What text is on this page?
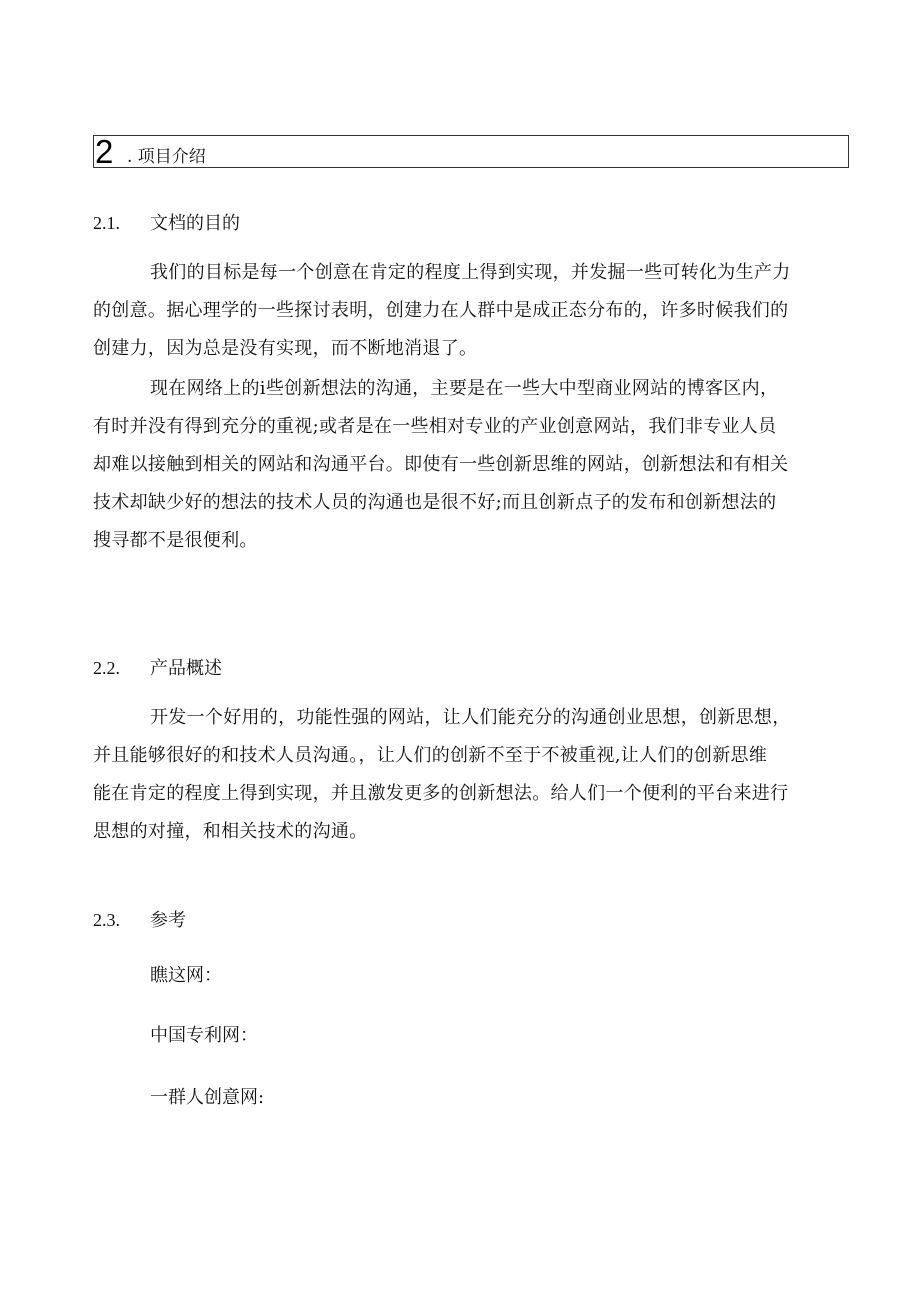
2 . 项目介绍
2.1. 文档的目的

我们的目标是每一个创意在肯定的程度上得到实现，并发掘一些可转化为生产力

的创意。据心理学的一些探讨表明，创建力在人群中是成正态分布的，许多时候我们的

创建力，因为总是没有实现，而不断地消退了。

现在网络上的i些创新想法的沟通，主要是在一些大中型商业网站的博客区内，

有时并没有得到充分的重视;或者是在一些相对专业的产业创意网站，我们非专业人员

却难以接触到相关的网站和沟通平台。即使有一些创新思维的网站，创新想法和有相关

技术却缺少好的想法的技术人员的沟通也是很不好;而且创新点子的发布和创新想法的

搜寻都不是很便利。

2.2. 产品概述

开发一个好用的，功能性强的网站，让人们能充分的沟通创业思想，创新思想，

并且能够很好的和技术人员沟通。，让人们的创新不至于不被重视,让人们的创新思维

能在肯定的程度上得到实现，并且激发更多的创新想法。给人们一个便利的平台来进行

思想的对撞，和相关技术的沟通。

2.3. 参考
瞧这网：
中国专利网：
一群人创意网:
